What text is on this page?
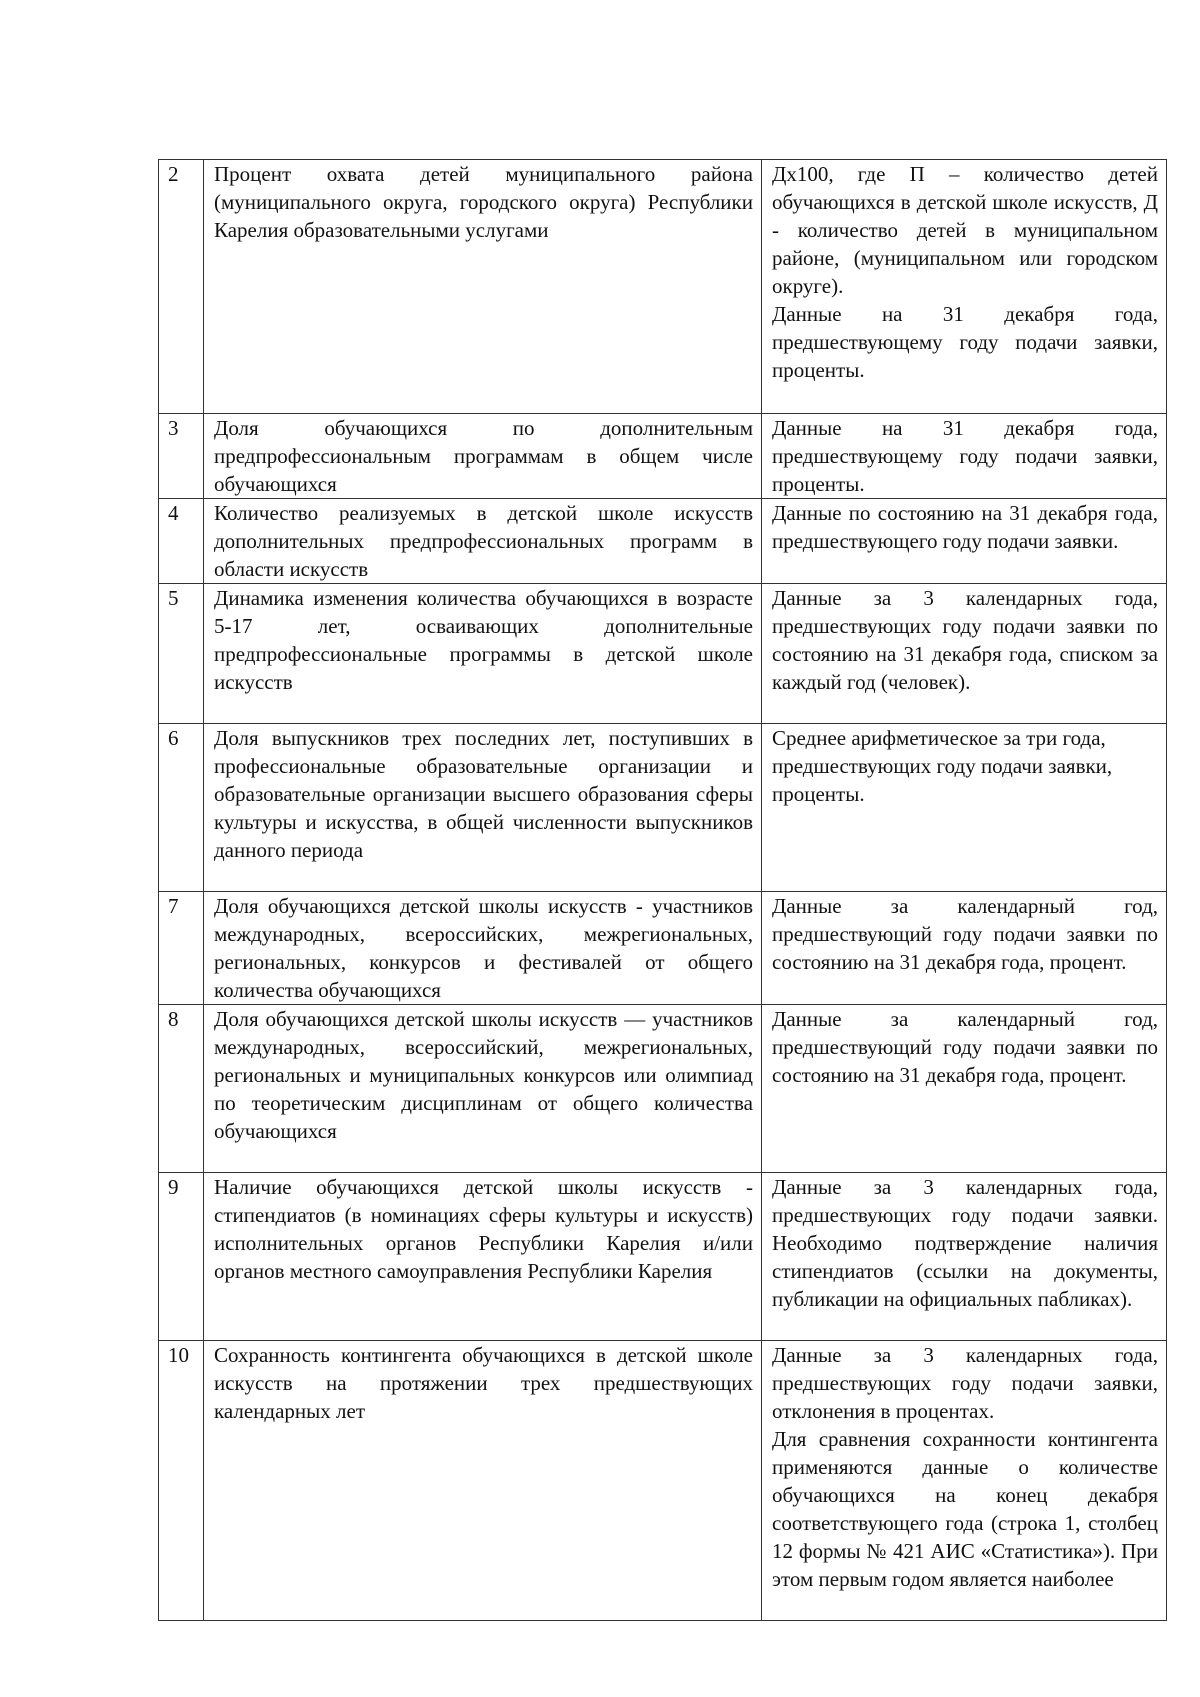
2	Процент охвата детей муниципального района (муниципального округа, городского округа) Республики Карелия образовательными услугами	Дх100, где П – количество детей обучающихся в детской школе искусств, Д - количество детей в муниципальном районе, (муниципальном или городском округе).
Данные на 31 декабря года, предшествующему году подачи заявки, проценты.

3	Доля обучающихся по дополнительным предпрофессиональным программам в общем числе обучающихся	Данные на 31 декабря года, предшествующему году подачи заявки, проценты.

4	Количество реализуемых в детской школе искусств дополнительных предпрофессиональных программ в области искусств	Данные по состоянию на 31 декабря года, предшествующего году подачи заявки.

5	Динамика изменения количества обучающихся в возрасте 5-17 лет, осваивающих дополнительные предпрофессиональные программы в детской школе искусств	Данные за 3 календарных года, предшествующих году подачи заявки по состоянию на 31 декабря года, списком за каждый год (человек).

6	Доля выпускников трех последних лет, поступивших в профессиональные образовательные организации и образовательные организации высшего образования сферы культуры и искусства, в общей численности выпускников данного периода	Среднее арифметическое за три года, предшествующих году подачи заявки, проценты.

7	Доля обучающихся детской школы искусств - участников международных, всероссийских, межрегиональных, региональных, конкурсов и фестивалей от общего количества обучающихся	Данные за календарный год, предшествующий году подачи заявки по состоянию на 31 декабря года, процент.

8	Доля обучающихся детской школы искусств — участников международных, всероссийский, межрегиональных, региональных и муниципальных конкурсов или олимпиад по теоретическим дисциплинам от общего количества обучающихся	Данные за календарный год, предшествующий году подачи заявки по состоянию на 31 декабря года, процент.

9	Наличие обучающихся детской школы искусств - стипендиатов (в номинациях сферы культуры и искусств) исполнительных органов Республики Карелия и/или органов местного самоуправления Республики Карелия	Данные за 3 календарных года, предшествующих году подачи заявки. Необходимо подтверждение наличия стипендиатов (ссылки на документы, публикации на официальных пабликах).

10	Сохранность контингента обучающихся в детской школе искусств на протяжении трех предшествующих календарных лет	Данные за 3 календарных года, предшествующих году подачи заявки, отклонения в процентах.
Для сравнения сохранности контингента применяются данные о количестве обучающихся на конец декабря соответствующего года (строка 1, столбец 12 формы № 421 АИС «Статистика»). При этом первым годом является наиболее
